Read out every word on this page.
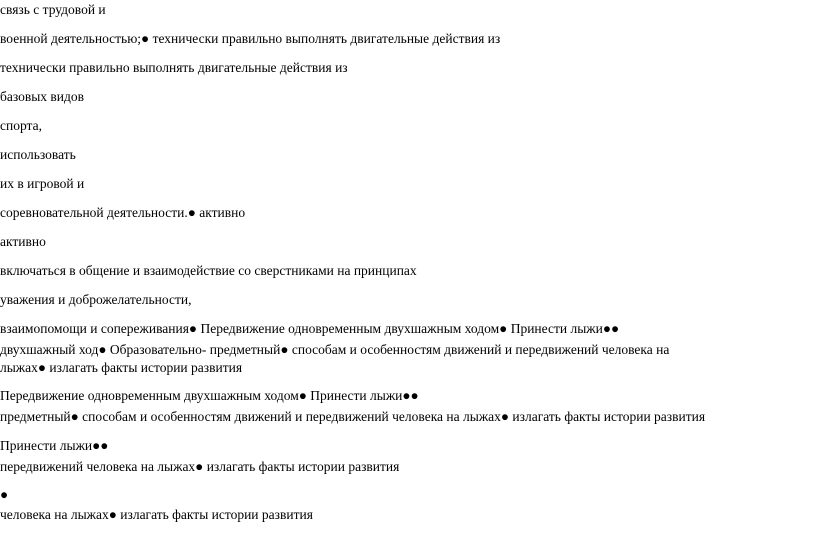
связь с трудовой и
военной деятельностью;● технически правильно выполнять двигательные действия из
технически правильно выполнять двигательные действия из
базовых видов
спорта,
использовать
их в игровой и
соревновательной деятельности.● активно
активно
включаться в общение и взаимодействие со сверстниками на принципах
уважения и доброжелательности,
взаимопомощи и сопереживания● Передвижение одновременным двухшажным ходом● Принести лыжи●●
двухшажный ход● Образовательно- предметный● способам и особенностям движений и передвижений человека на
лыжах● излагать факты истории развития
Передвижение одновременным двухшажным ходом● Принести лыжи●●
предметный● способам и особенностям движений и передвижений человека на лыжах● излагать факты истории развития
Принести лыжи●●
передвижений человека на лыжах● излагать факты истории развития
●
человека на лыжах● излагать факты истории развития
